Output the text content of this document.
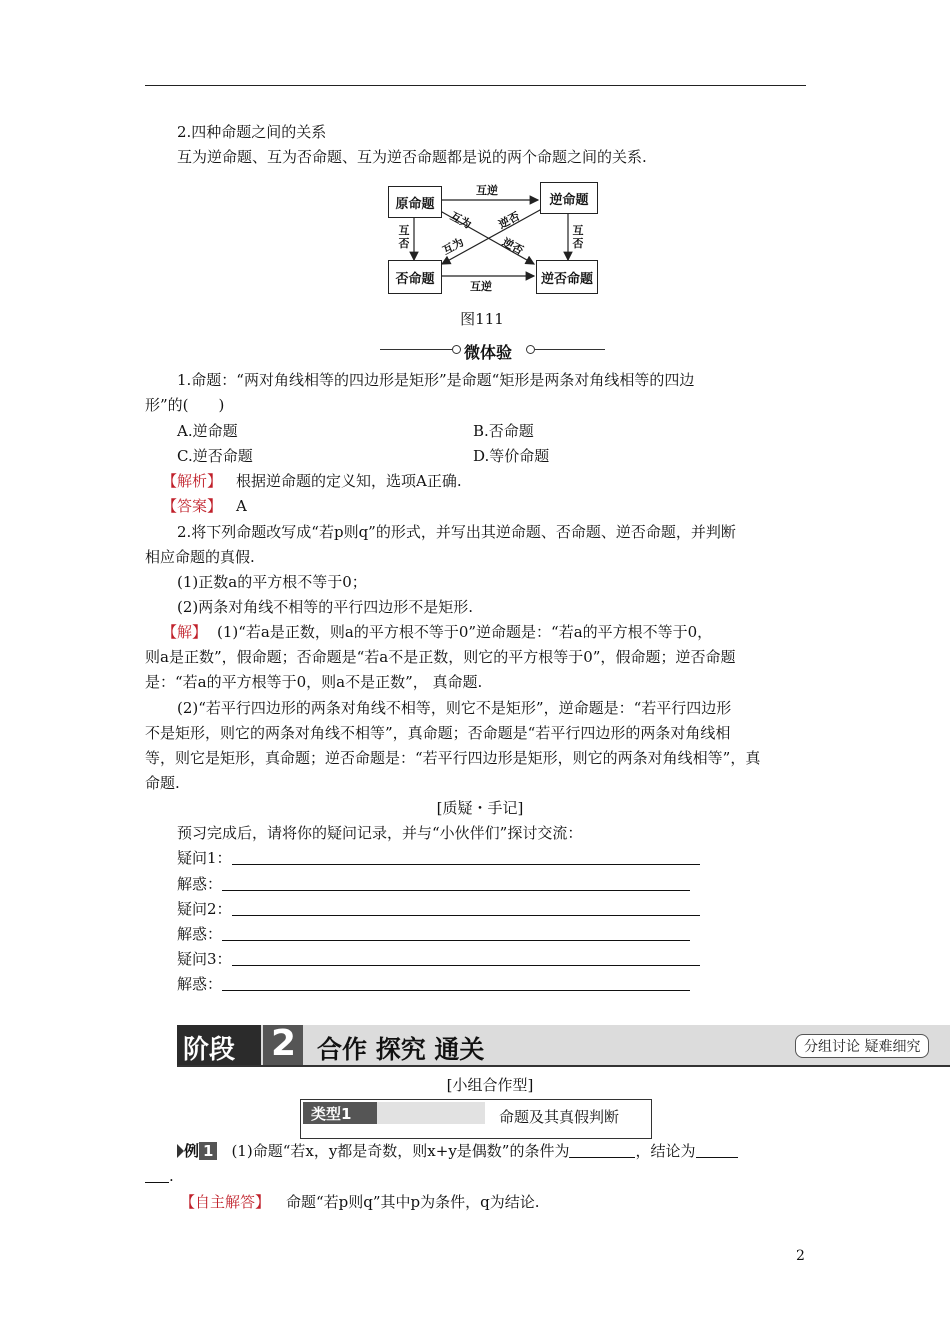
2.四种命题之间的关系
互为逆命题、互为否命题、互为逆否命题都是说的两个命题之间的关系.
原命题	逆命题
否命题	逆否命题
互逆
互逆
互否
互否
互为 逆否
互为	逆否
图111
微体验
1.命题：“两对角线相等的四边形是矩形”是命题“矩形是两条对角线相等的四边
形”的(　　)
A.逆命题	B.否命题
C.逆否命题	D.等价命题
【解析】 根据逆命题的定义知，选项A正确.
【答案】 A
2.将下列命题改写成“若p则q”的形式，并写出其逆命题、否命题、逆否命题，并判断
相应命题的真假.
(1)正数a的平方根不等于0；
(2)两条对角线不相等的平行四边形不是矩形.
【解】 (1)“若a是正数，则a的平方根不等于0”逆命题是：“若a的平方根不等于0，
则a是正数”，假命题；否命题是“若a不是正数，则它的平方根等于0”，假命题；逆否命题
是：“若a的平方根等于0，则a不是正数”， 真命题.
(2)“若平行四边形的两条对角线不相等，则它不是矩形”，逆命题是：“若平行四边形
不是矩形，则它的两条对角线不相等”，真命题；否命题是“若平行四边形的两条对角线相
等，则它是矩形，真命题；逆否命题是：“若平行四边形是矩形，则它的两条对角线相等”，真
命题.
[质疑・手记]
预习完成后，请将你的疑问记录，并与“小伙伴们”探讨交流：
疑问1：
解惑：
疑问2：
解惑：
疑问3：
解惑：
阶段 2 合作 探究 通关	分组讨论 疑难细究
[小组合作型]
类型1	命题及其真假判断
例 1 (1)命题“若x，y都是奇数，则x+y是偶数”的条件为	，结论为
.
【自主解答】 命题“若p则q”其中p为条件，q为结论.
2
